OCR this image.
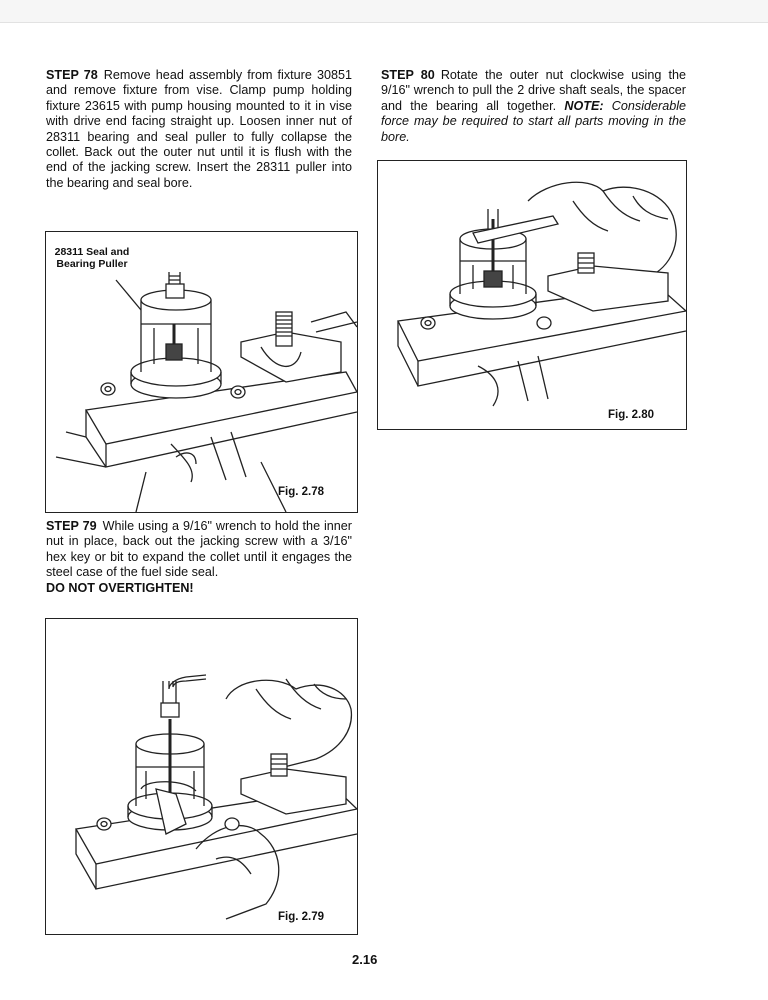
STEP 78 Remove head assembly from fixture 30851 and remove fixture from vise. Clamp pump holding fixture 23615 with pump housing mounted to it in vise with drive end facing straight up. Loosen inner nut of 28311 bearing and seal puller to fully collapse the collet. Back out the outer nut until it is flush with the end of the jacking screw. Insert the 28311 puller into the bearing and seal bore.
28311 Seal and Bearing Puller
Fig. 2.78
STEP 79 While using a 9/16" wrench to hold the inner nut in place, back out the jacking screw with a 3/16" hex key or bit to expand the collet until it engages the steel case of the fuel side seal.
DO NOT OVERTIGHTEN!
Fig. 2.79
STEP 80 Rotate the outer nut clockwise using the 9/16" wrench to pull the 2 drive shaft seals, the spacer and the bearing all together. NOTE: Considerable force may be required to start all parts moving in the bore.
Fig. 2.80
2.16
